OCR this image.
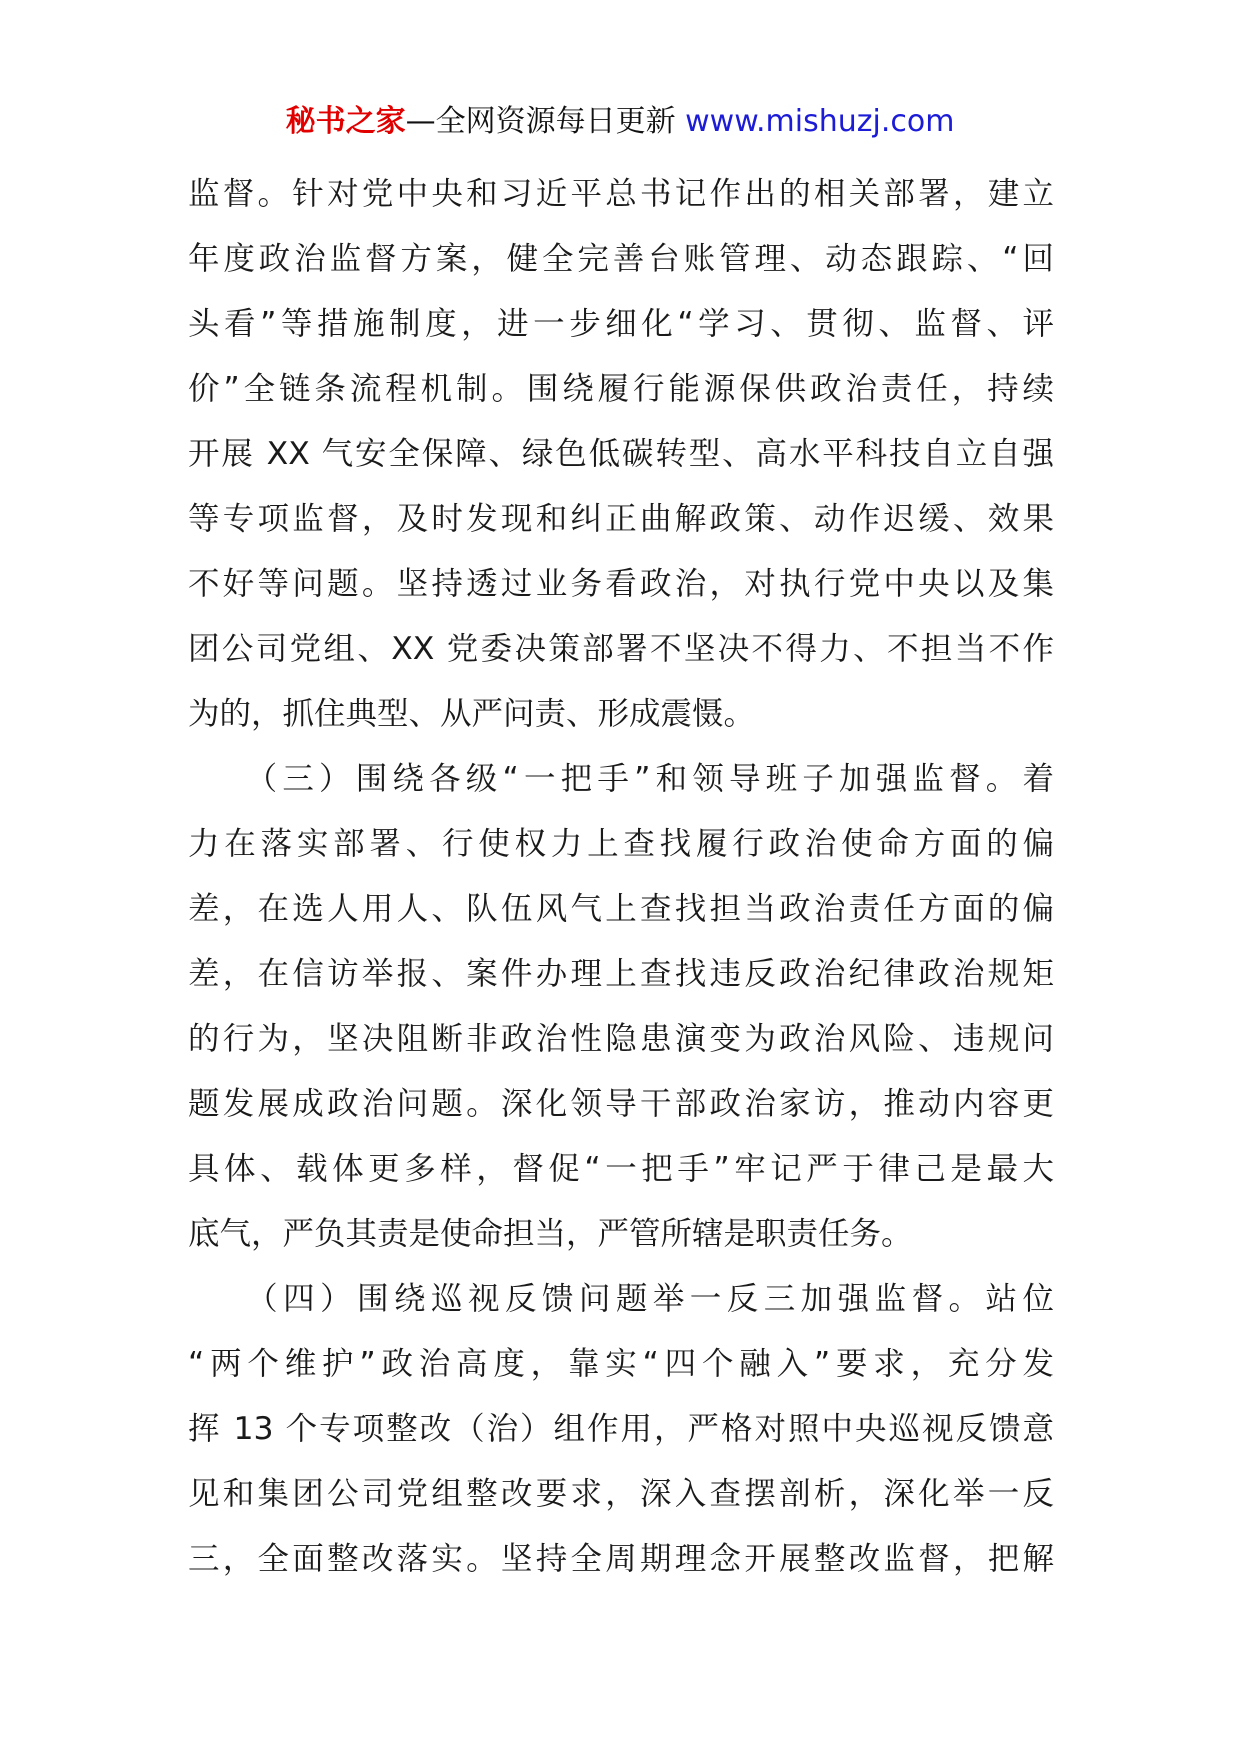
秘书之家—全网资源每日更新 www.mishuzj.com
监督。针对党中央和习近平总书记作出的相关部署，建立
年度政治监督方案，健全完善台账管理、动态跟踪、“回
头看”等措施制度，进一步细化“学习、贯彻、监督、评
价”全链条流程机制。围绕履行能源保供政治责任，持续
开展 XX 气安全保障、绿色低碳转型、高水平科技自立自强
等专项监督，及时发现和纠正曲解政策、动作迟缓、效果
不好等问题。坚持透过业务看政治，对执行党中央以及集
团公司党组、XX 党委决策部署不坚决不得力、不担当不作
为的，抓住典型、从严问责、形成震慑。
　　（三）围绕各级“一把手”和领导班子加强监督。着
力在落实部署、行使权力上查找履行政治使命方面的偏
差，在选人用人、队伍风气上查找担当政治责任方面的偏
差，在信访举报、案件办理上查找违反政治纪律政治规矩
的行为，坚决阻断非政治性隐患演变为政治风险、违规问
题发展成政治问题。深化领导干部政治家访，推动内容更
具体、载体更多样，督促“一把手”牢记严于律己是最大
底气，严负其责是使命担当，严管所辖是职责任务。
　　（四）围绕巡视反馈问题举一反三加强监督。站位
“两个维护”政治高度，靠实“四个融入”要求，充分发
挥 13 个专项整改（治）组作用，严格对照中央巡视反馈意
见和集团公司党组整改要求，深入查摆剖析，深化举一反
三，全面整改落实。坚持全周期理念开展整改监督，把解
